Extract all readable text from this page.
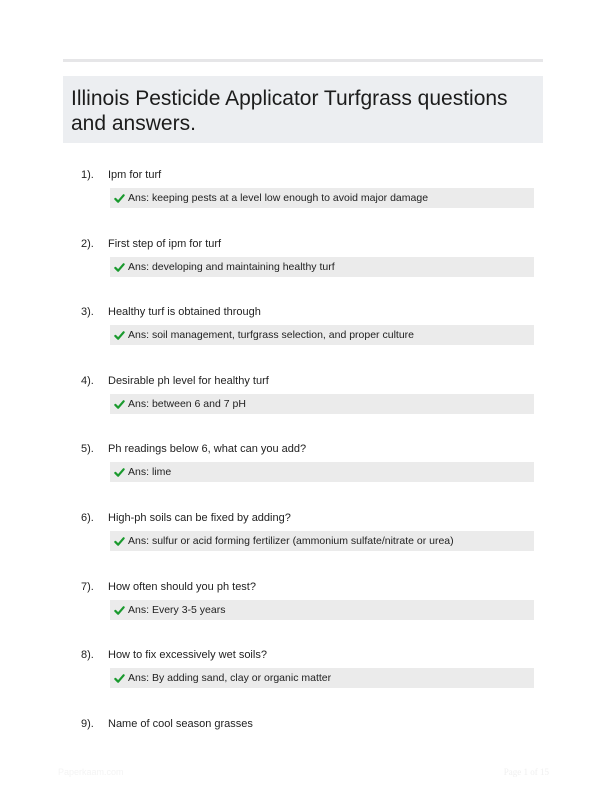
Illinois Pesticide Applicator Turfgrass questions and answers.
1). Ipm for turf
Ans:
keeping pests at a level low enough to avoid major damage
2). First step of ipm for turf
Ans:
developing and maintaining healthy turf
3). Healthy turf is obtained through
Ans:
soil management, turfgrass selection, and proper culture
4). Desirable ph level for healthy turf
Ans:
between 6 and 7 pH
5). Ph readings below 6, what can you add?
Ans:
lime
6). High-ph soils can be fixed by adding?
Ans:
sulfur or acid forming fertilizer (ammonium sulfate/nitrate or urea)
7). How often should you ph test?
Ans:
Every 3-5 years
8). How to fix excessively wet soils?
Ans:
By adding sand, clay or organic matter
9). Name of cool season grasses
Paperkaam.com	Page 1 of 15
